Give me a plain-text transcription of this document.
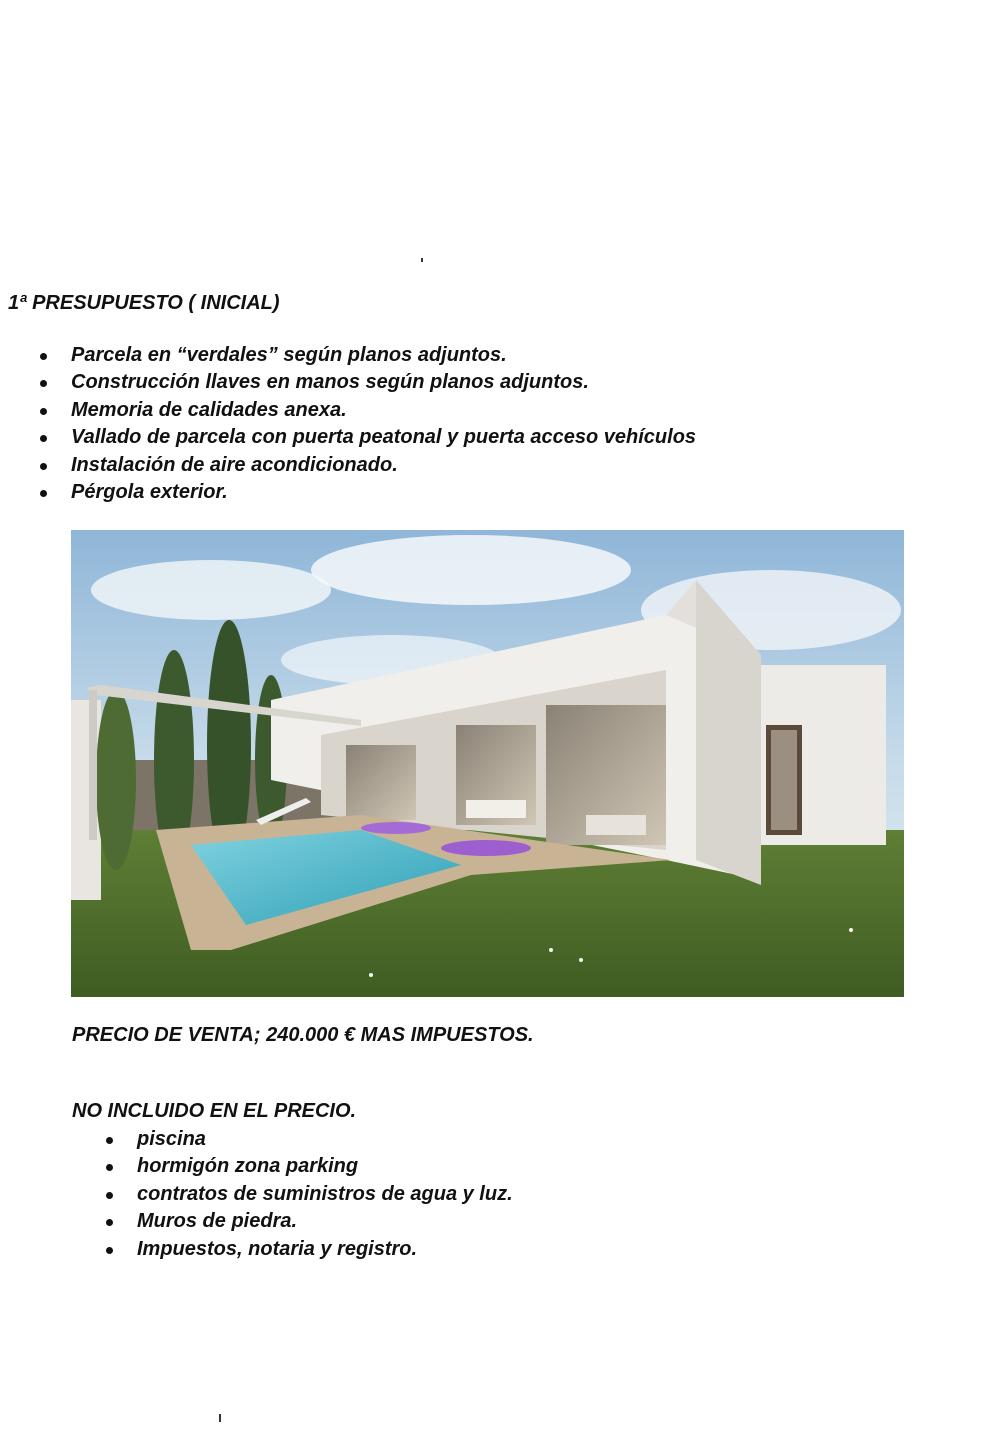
1ª PRESUPUESTO ( INICIAL)
Parcela en “verdales” según planos adjuntos.
Construcción llaves en manos según planos adjuntos.
Memoria de calidades anexa.
Vallado de parcela con puerta peatonal y puerta acceso vehículos
Instalación de aire acondicionado.
Pérgola exterior.
PRECIO DE VENTA; 240.000 € MAS IMPUESTOS.
NO INCLUIDO EN EL PRECIO.
piscina
hormigón zona parking
contratos de suministros de agua y luz.
Muros de piedra.
Impuestos, notaria y registro.
